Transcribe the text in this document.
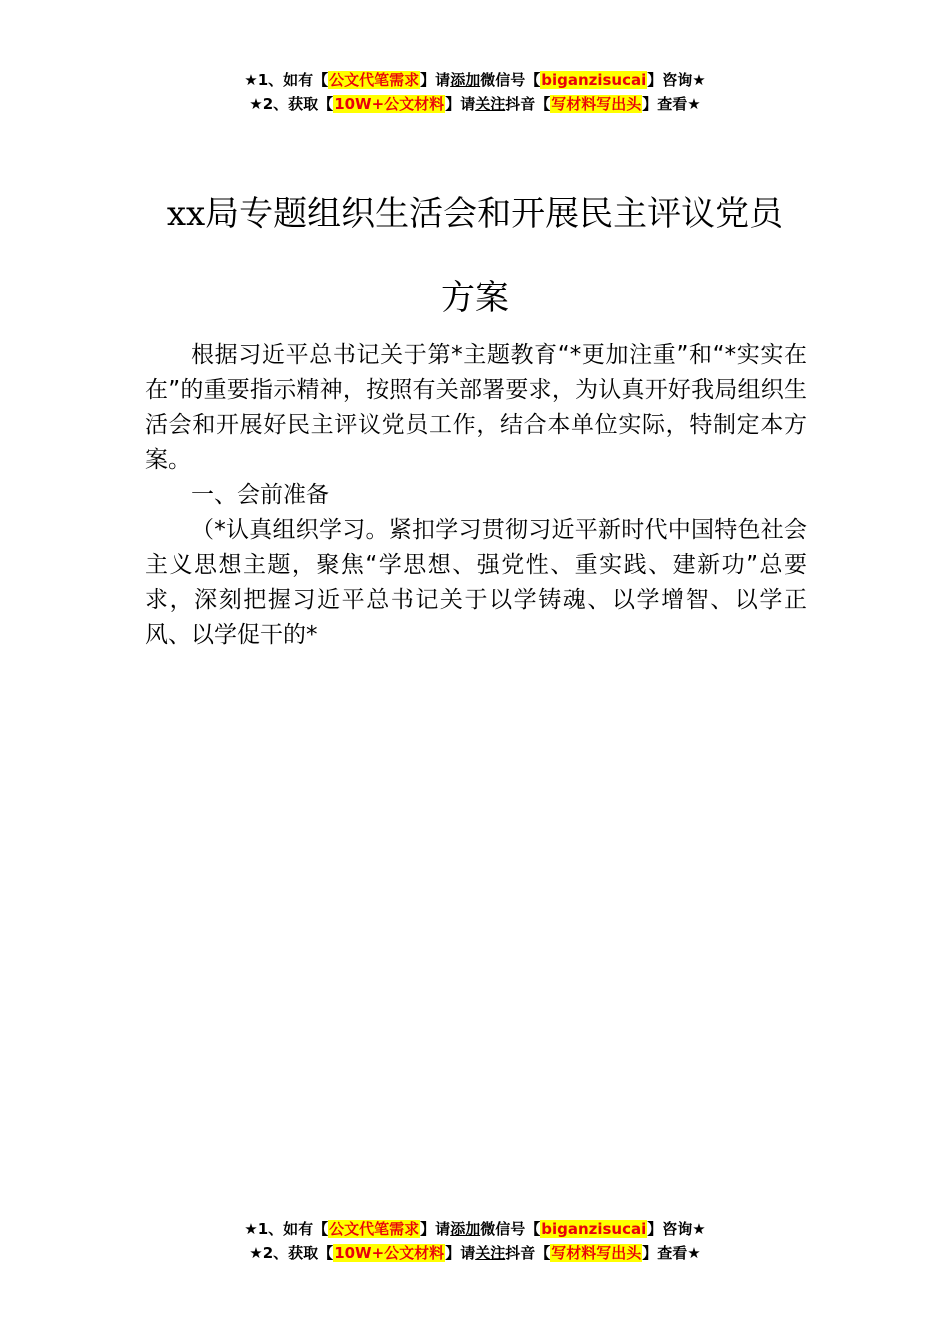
★1、如有【公文代笔需求】请添加微信号【biganzisucai】咨询★
★2、获取【10W+公文材料】请关注抖音【写材料写出头】查看★
xx局专题组织生活会和开展民主评议党员
方案

根据习近平总书记关于第*主题教育“*更加注重”和“*实实在在”的重要指示精神，按照有关部署要求，为认真开好我局组织生活会和开展好民主评议党员工作，结合本单位实际，特制定本方案。

一、会前准备

（*认真组织学习。紧扣学习贯彻习近平新时代中国特色社会主义思想主题，聚焦“学思想、强党性、重实践、建新功”总要求，深刻把握习近平总书记关于以学铸魂、以学增智、以学正风、以学促干的*

★1、如有【公文代笔需求】请添加微信号【biganzisucai】咨询★
★2、获取【10W+公文材料】请关注抖音【写材料写出头】查看★
